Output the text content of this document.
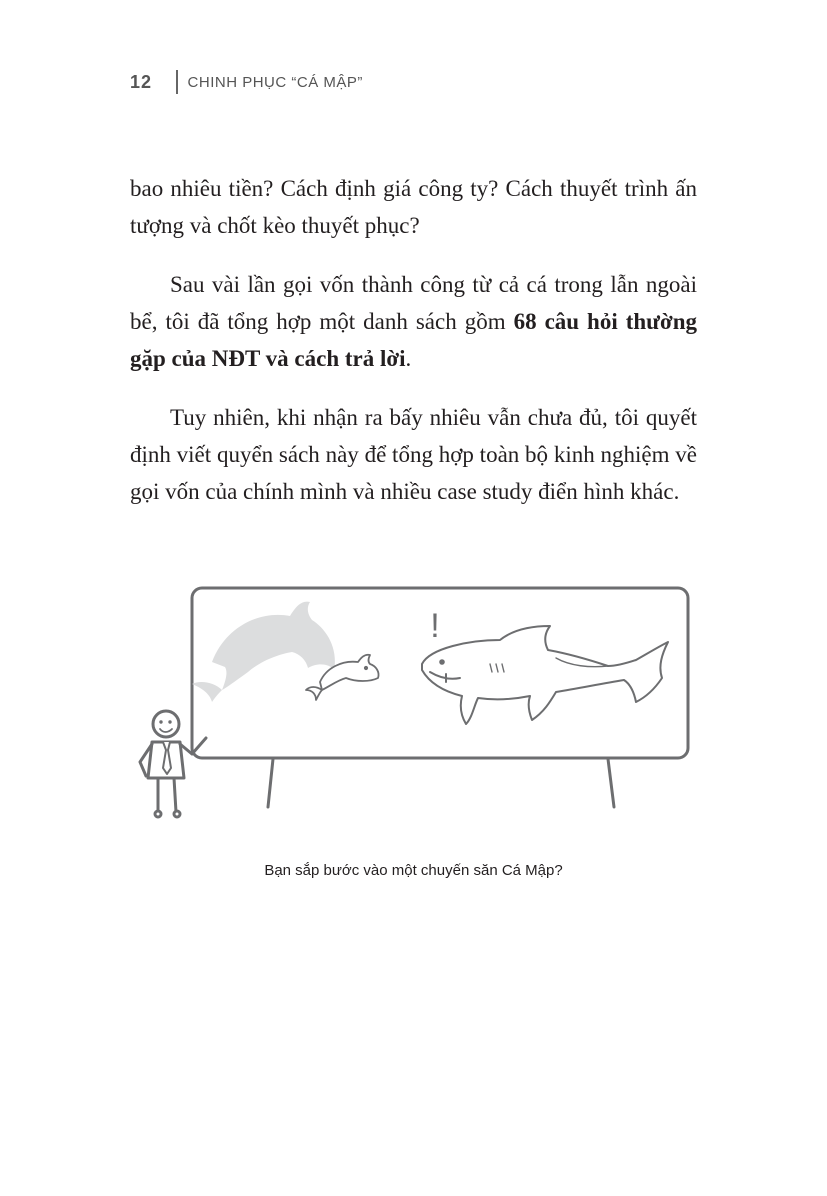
12 CHINH PHỤC “CÁ MẬP”

bao nhiêu tiền? Cách định giá công ty? Cách thuyết trình ấn tượng và chốt kèo thuyết phục?

Sau vài lần gọi vốn thành công từ cả cá trong lẫn ngoài bể, tôi đã tổng hợp một danh sách gồm 68 câu hỏi thường gặp của NĐT và cách trả lời.

Tuy nhiên, khi nhận ra bấy nhiêu vẫn chưa đủ, tôi quyết định viết quyển sách này để tổng hợp toàn bộ kinh nghiệm về gọi vốn của chính mình và nhiều case study điển hình khác.

!
Bạn sắp bước vào một chuyến săn Cá Mập?
